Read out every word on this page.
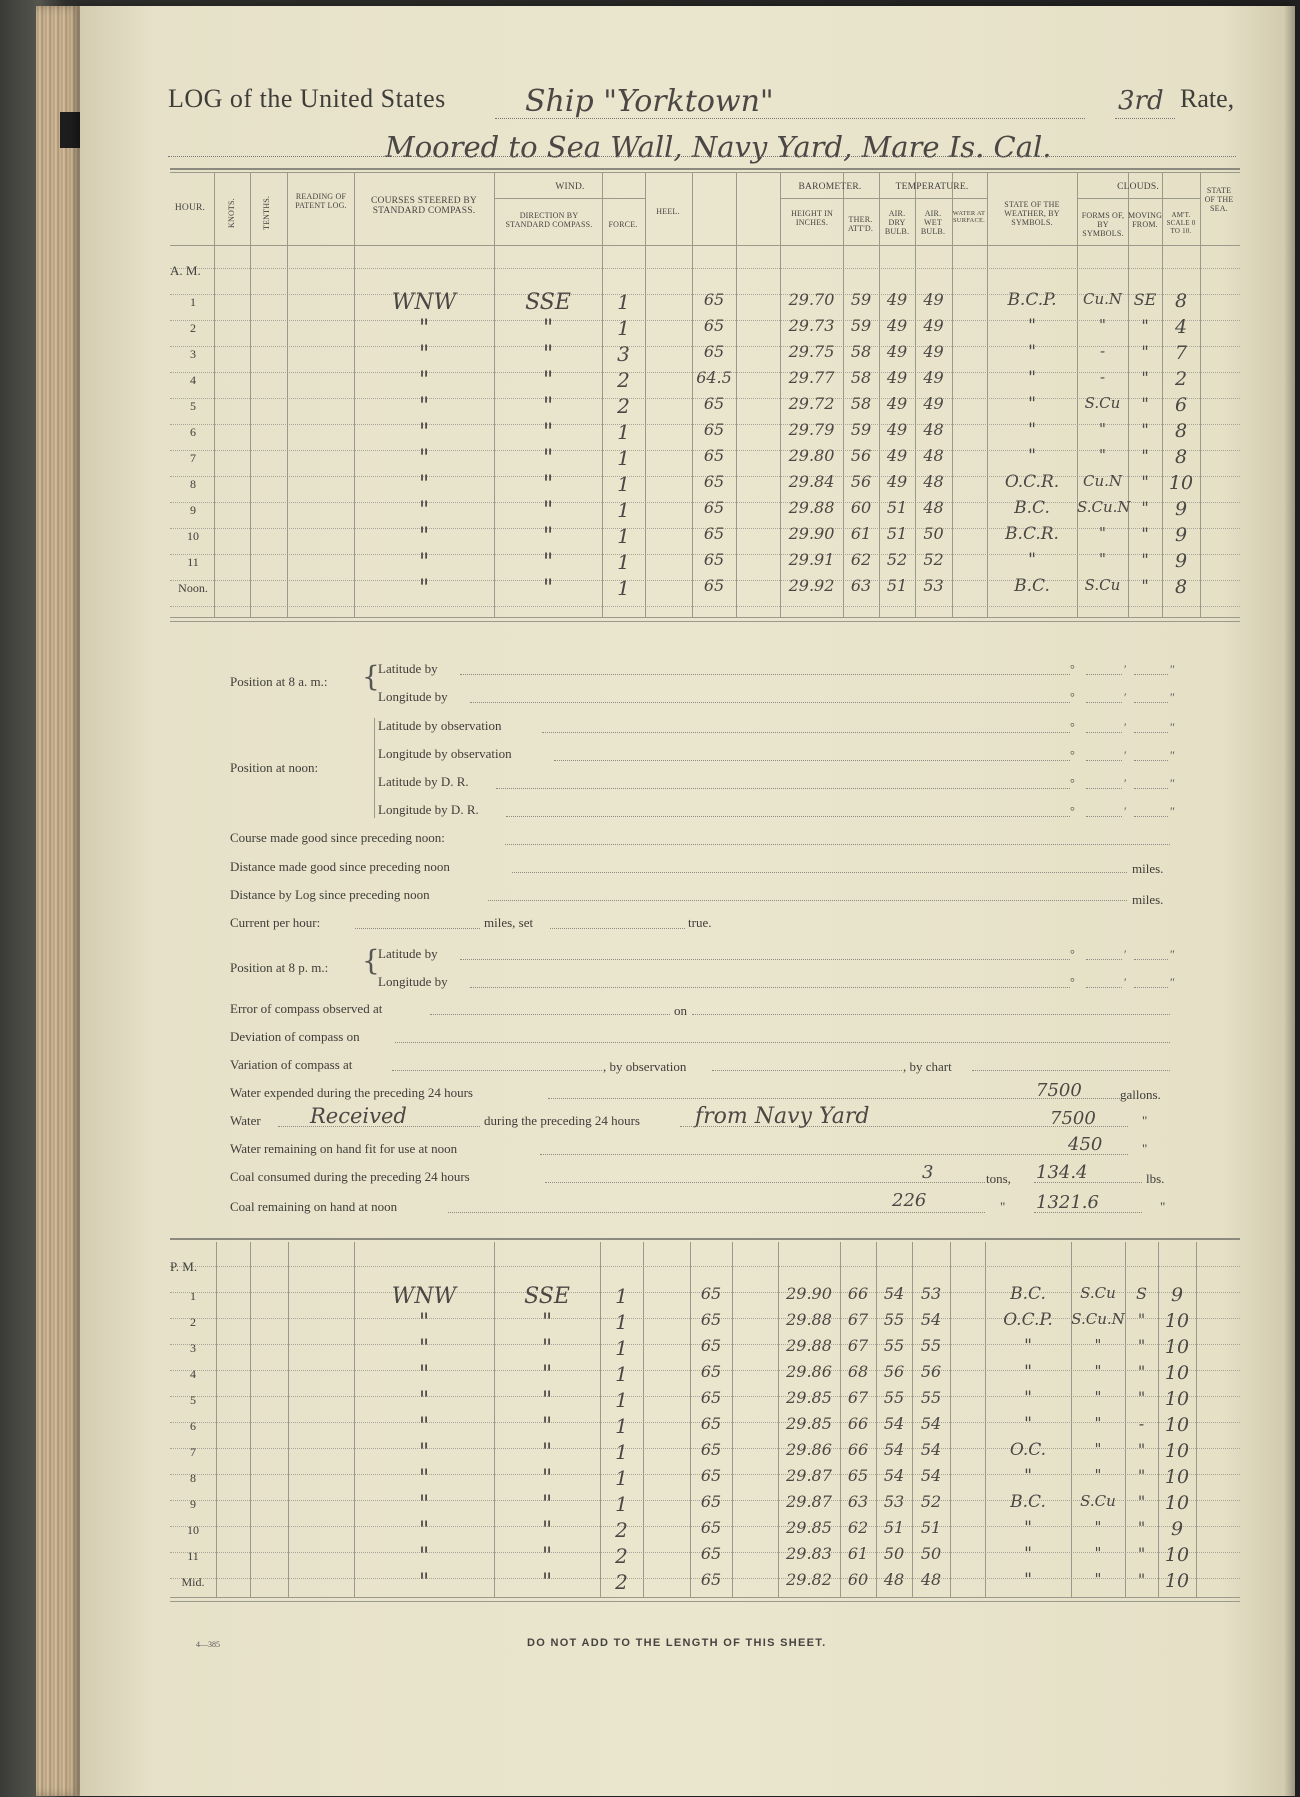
LOG of the United States	Ship "Yorktown"	3rd Rate,
Moored to Sea Wall, Navy Yard, Mare Is. Cal.
HOUR.	KNOTS.	TENTHS.	READING OF PATENT LOG.	COURSES STEERED BY STANDARD COMPASS.
WIND.
DIRECTION BY STANDARD COMPASS.	FORCE.
HEEL.
BAROMETER.	TEMPERATURE.
HEIGHT IN INCHES.	THER. ATT'D.
AIR. DRY BULB.
AIR. WET BULB.
WATER AT SURFACE.
STATE OF THE WEATHER, BY SYMBOLS.
CLOUDS.
FORMS OF, BY SYMBOLS.
MOVING FROM.
AM'T. SCALE 0 TO 10.
STATE OF THE SEA.
A. M.
1	WNW	SSE	1	65	29.70	59 49	49	B.C.P.	Cu.N SE 8
2	"	"	1	65	29.73	59 49	49	"	"	"	4
3	"	"	3	65	29.75	58 49	49	"	-	"	7
4	"	"	2	64.5	29.77	58 49	49	"	-	"	2
5	"	"	2	65	29.72	58 49	49	"	S.Cu	"	6
6	"	"	1	65	29.79	59 49	48	"	"	"	8
7	"	"	1	65	29.80	56 49	48	"	"	"	8
8	"	"	1	65	29.84	56 49	48	O.C.R.	Cu.N	"	10
9	"	"	1	65	29.88	60 51	48	B.C.	S.Cu.N "	9
10	"	"	1	65	29.90	61 51	50	B.C.R.	"	"	9
11	"	"	1	65	29.91	62 52	52	"	"	"	9
Noon.	"	"	1	65	29.92	63 51	53	B.C.	S.Cu	"	8
Position at 8 a. m.: {
Latitude by
Longitude by
Position at noon:
Latitude by observation
Longitude by observation
Latitude by D. R.
Longitude by D. R.
Course made good since preceding noon:
Distance made good since preceding noon	miles.
Distance by Log since preceding noon	miles.
Current per hour:	miles, set	true.
Position at 8 p. m.: {
Latitude by
Longitude by
Error of compass observed at	on
Deviation of compass on
Variation of compass at	, by observation	, by chart
Water expended during the preceding 24 hours	7500	gallons.
Water Received	during the preceding 24 hours	from Navy Yard	7500	"
Water remaining on hand fit for use at noon	450	"
Coal consumed during the preceding 24 hours	3	tons, 134.4	lbs.
Coal remaining on hand at noon	226	" 1321.6	"
°	′	″
°	′	″
°	′	″
°	′	″
°	′	″
°	′	″
°	′	″
°	′	″
P. M.
1	WNW	SSE	1	65	29.90 66 54	53	B.C.	S.Cu	S	9
2	"	"	1	65	29.88 67 55	54	O.C.P.	S.Cu.N "	10
3	"	"	1	65	29.88 67 55	55	"	"	"	10
4	"	"	1	65	29.86 68 56	56	"	"	"	10
5	"	"	1	65	29.85 67 55	55	"	"	"	10
6	"	"	1	65	29.85 66 54	54	"	"	-	10
7	"	"	1	65	29.86 66 54	54	O.C.	"	"	10
8	"	"	1	65	29.87 65 54	54	"	"	"	10
9	"	"	1	65	29.87 63 53	52	B.C.	S.Cu	"	10
10	"	"	2	65	29.85 62 51	51	"	"	"	9
11	"	"	2	65	29.83 61 50	50	"	"	"	10
Mid.	"	"	2	65	29.82 60 48	48	"	"	"	10
4—385	DO NOT ADD TO THE LENGTH OF THIS SHEET.
